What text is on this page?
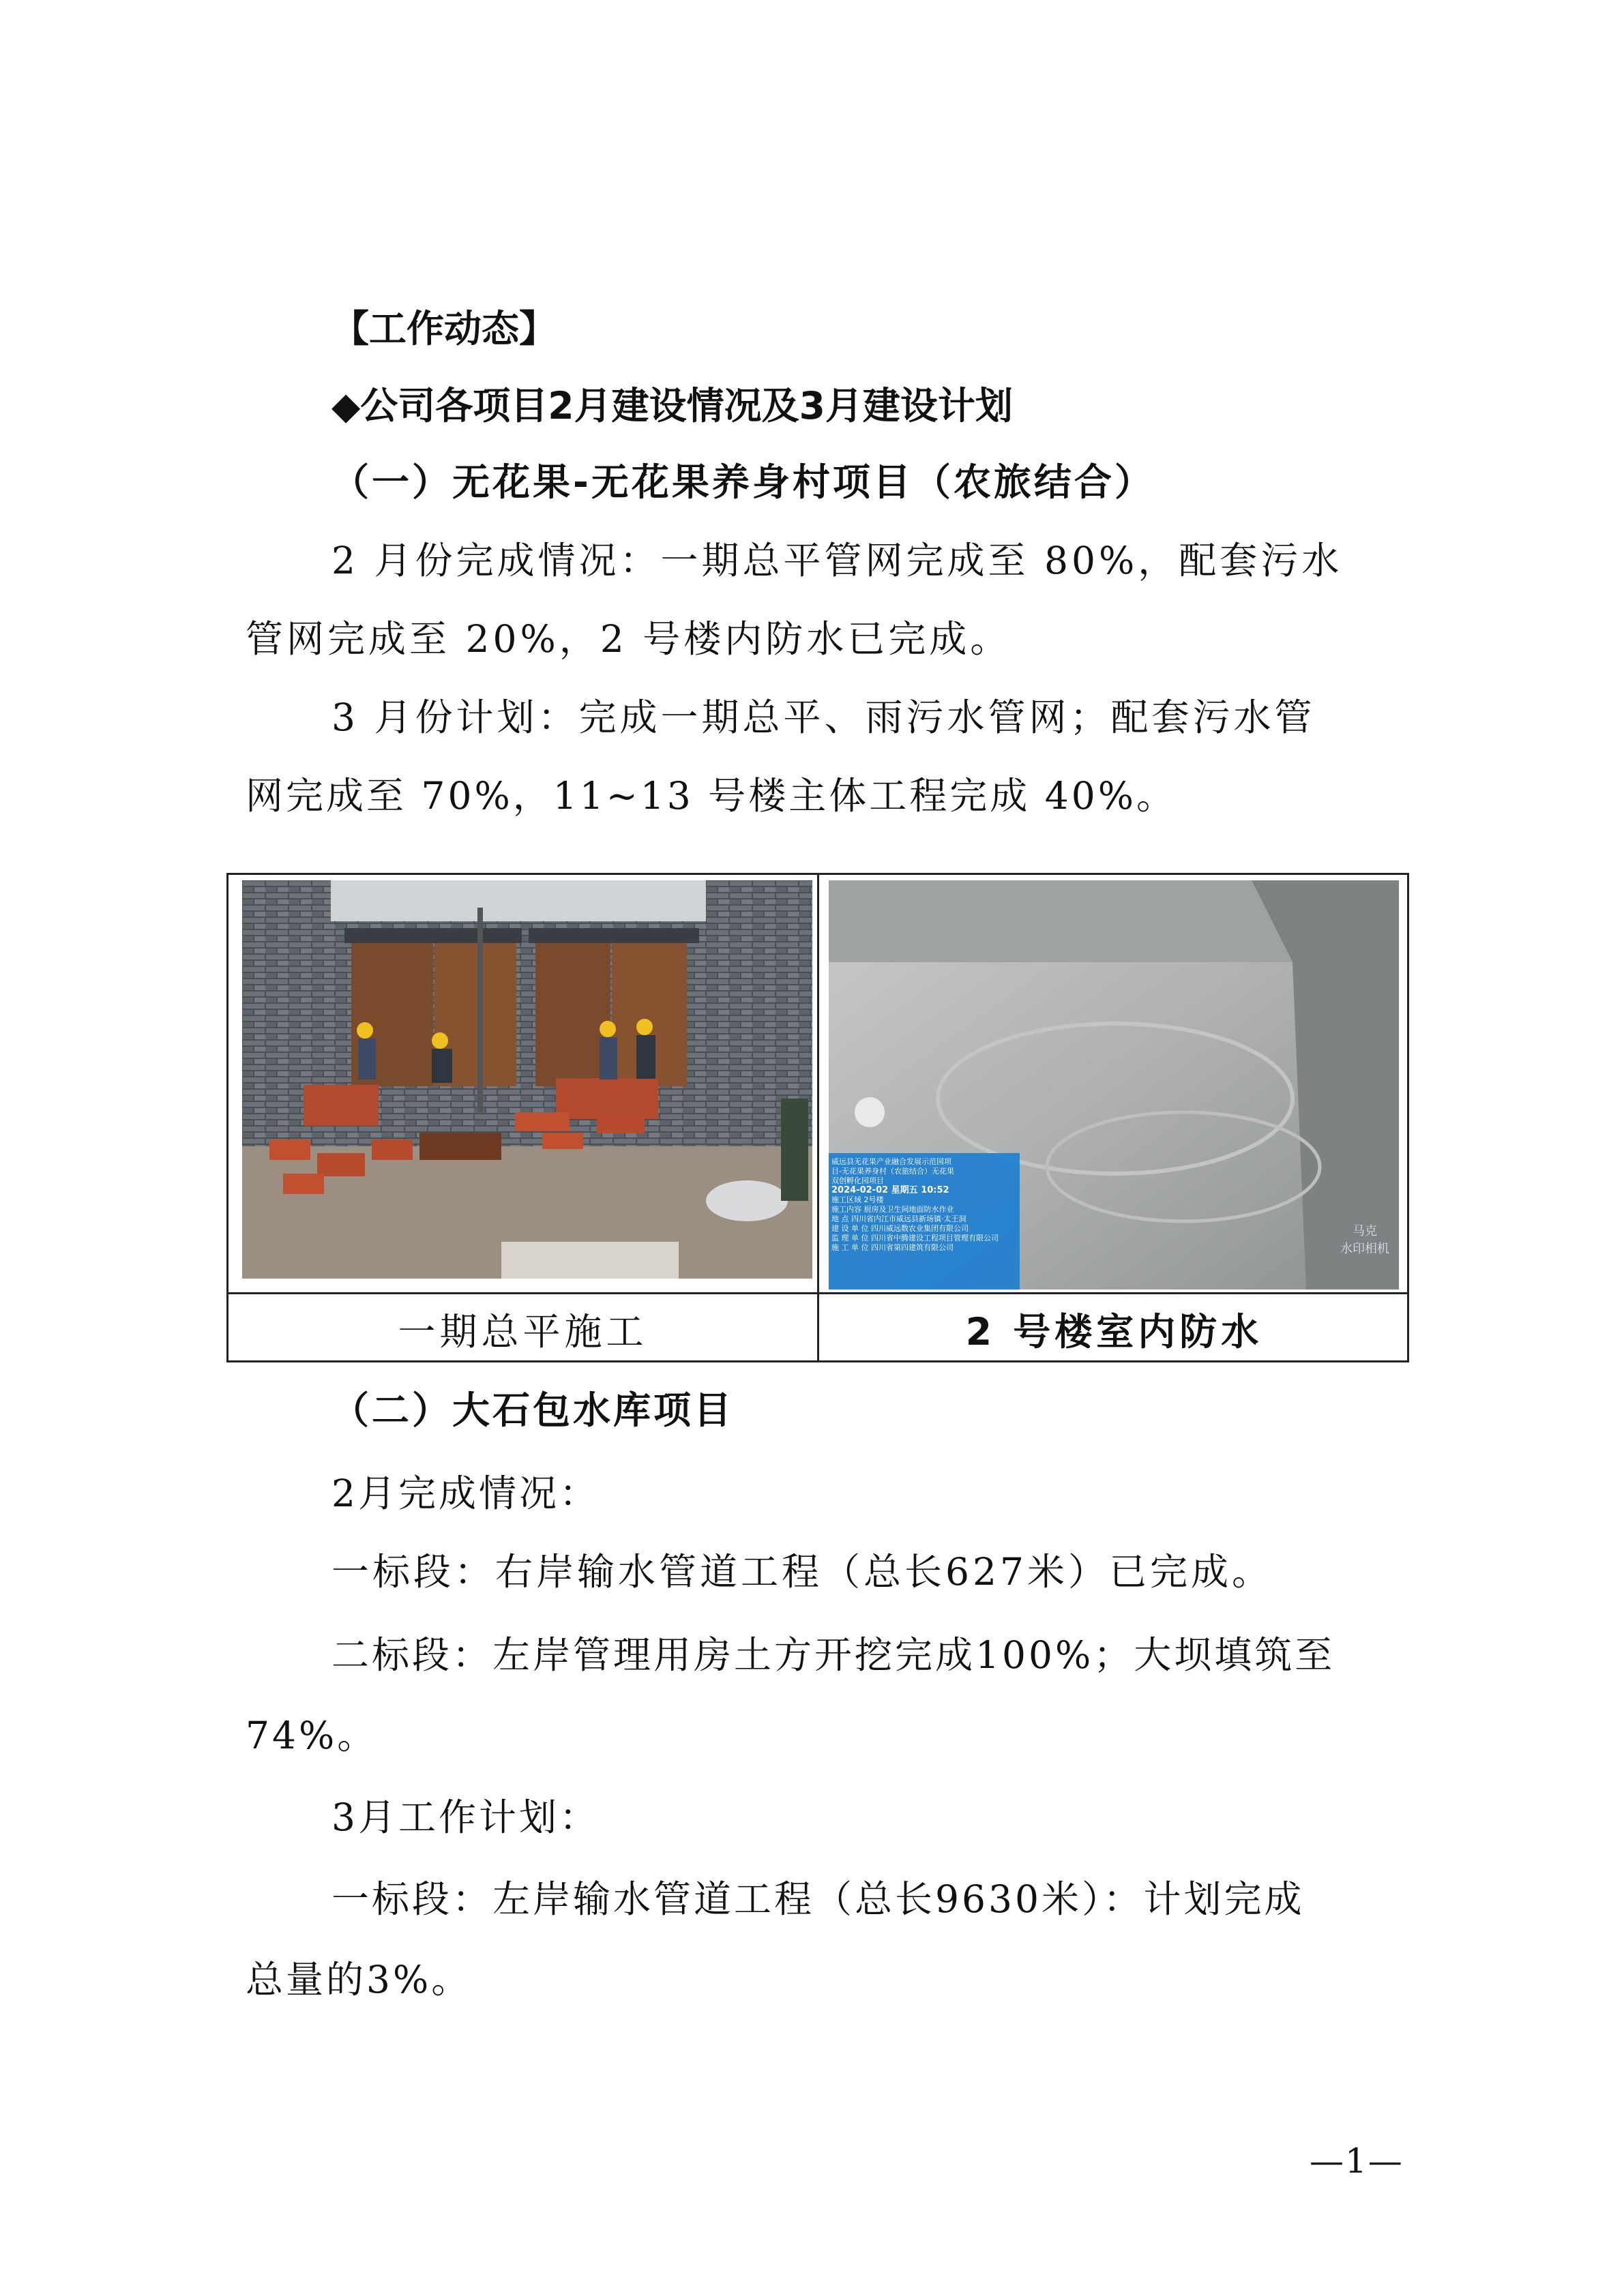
【工作动态】
◆公司各项目2月建设情况及3月建设计划
（一）无花果-无花果养身村项目（农旅结合）
2 月份完成情况：一期总平管网完成至 80%，配套污水
管网完成至 20%，2 号楼内防水已完成。
3 月份计划：完成一期总平、雨污水管网；配套污水管
网完成至 70%，11~13 号楼主体工程完成 40%。
威远县无花果产业融合发展示范园项
目-无花果养身村（农旅结合）无花果
双创孵化园项目
2024-02-02 星期五 10:52
施工区域 2号楼
施工内容 厨房及卫生间地面防水作业
地 点 四川省内江市威远县新场镇·太王洞
建 设 单 位 四川威远数农业集团有限公司
监 理 单 位 四川省中腾建设工程项目管理有限公司
施 工 单 位 四川省第四建筑有限公司
马克
水印相机
一期总平施工	2 号楼室内防水
（二）大石包水库项目
2月完成情况：
一标段：右岸输水管道工程（总长627米）已完成。
二标段：左岸管理用房土方开挖完成100%；大坝填筑至
74%。
3月工作计划：
一标段：左岸输水管道工程（总长9630米）：计划完成
总量的3%。
—1—
